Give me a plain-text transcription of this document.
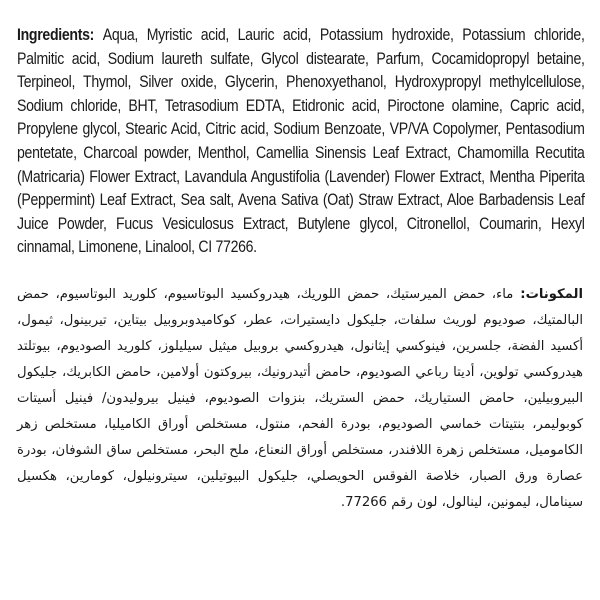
Ingredients: Aqua, Myristic acid, Lauric acid, Potassium hydroxide, Potassium chloride, Palmitic acid, Sodium laureth sulfate, Glycol distearate, Parfum, Cocamidopropyl betaine, Terpineol, Thymol, Silver oxide, Glycerin, Phenoxyethanol, Hydroxypropyl methylcellulose, Sodium chloride, BHT, Tetrasodium EDTA, Etidronic acid, Piroctone olamine, Capric acid, Propylene glycol, Stearic Acid, Citric acid, Sodium Benzoate, VP/VA Copolymer, Pentasodium pentetate, Charcoal powder, Menthol, Camellia Sinensis Leaf Extract, Chamomilla Recutita (Matricaria) Flower Extract, Lavandula Angustifolia (Lavender) Flower Extract, Mentha Piperita (Peppermint) Leaf Extract, Sea salt, Avena Sativa (Oat) Straw Extract, Aloe Barbadensis Leaf Juice Powder, Fucus Vesiculosus Extract, Butylene glycol, Citronellol, Coumarin, Hexyl cinnamal, Limonene, Linalool, CI 77266.

المكونات: ماء، حمض الميرستيك، حمض اللوريك، هيدروكسيد البوتاسيوم، كلوريد البوتاسيوم، حمض البالمتيك، صوديوم لوريث سلفات، جليكول دايستيرات، عطر، كوكاميدوبروبيل بيتاين، تيربينول، ثيمول، أكسيد الفضة، جلسرين، فينوكسي إيثانول، هيدروكسي بروبيل ميثيل سيليلوز، كلوريد الصوديوم، بيوتلتد هيدروكسي تولوين، أديتا رباعي الصوديوم، حامض أتيدرونيك، بيروكتون أولامين، حامض الكابريك، جليكول البيروبيلين، حامض الستياريك، حمض الستريك، بنزوات الصوديوم، فينيل بيروليدون/ فينيل أسيتات كوبوليمر، بنتيتات خماسي الصوديوم، بودرة الفحم، منتول، مستخلص أوراق الكاميليا، مستخلص زهر الكاموميل، مستخلص زهرة اللافندر، مستخلص أوراق النعناع، ملح البحر، مستخلص ساق الشوفان، بودرة عصارة ورق الصبار، خلاصة الفوقس الحويصلي، جليكول البيوتيلين، سيترونيلول، كومارين، هكسيل سينامال، ليمونين، لينالول، لون رقم 77266.
